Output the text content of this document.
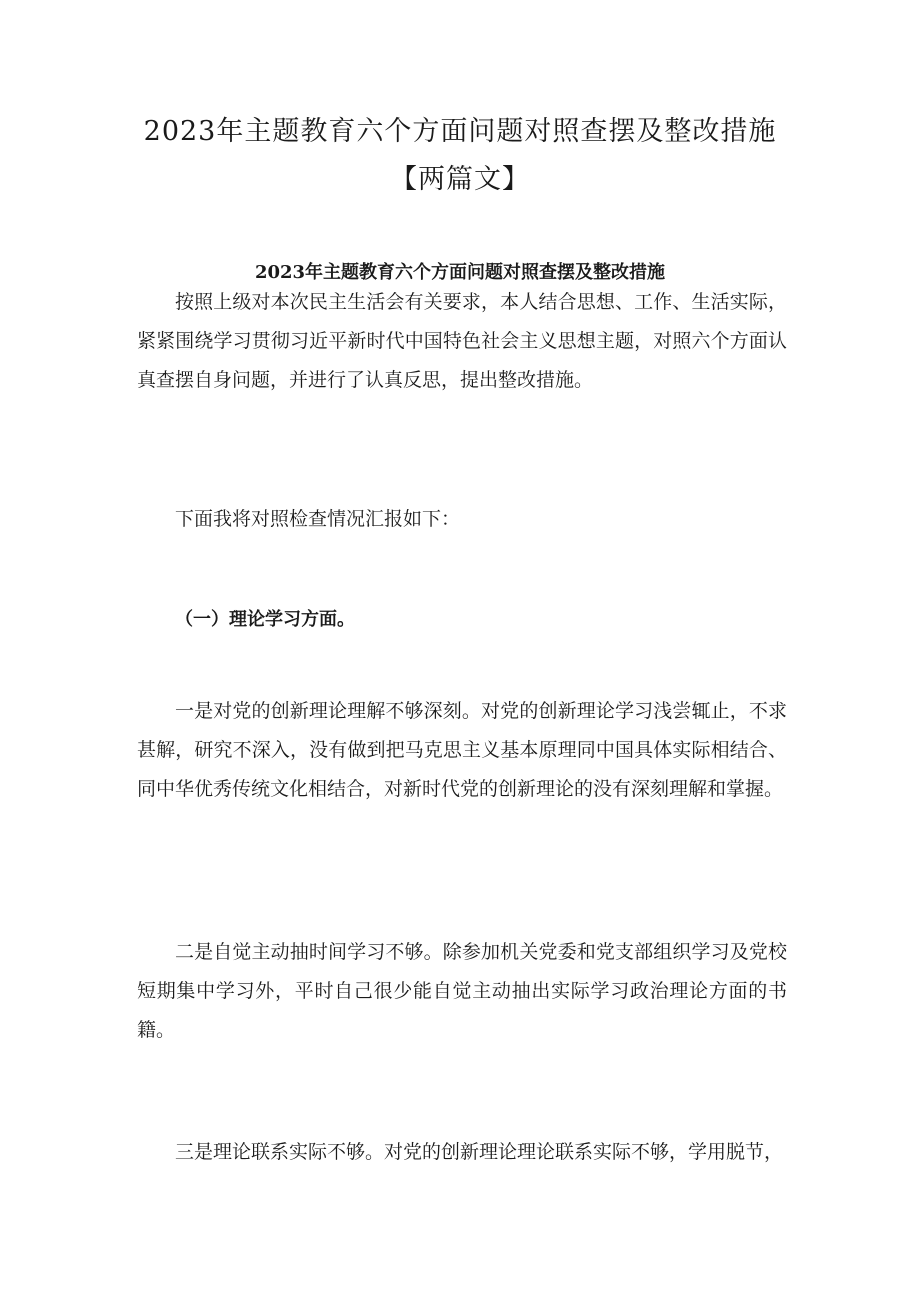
2023年主题教育六个方面问题对照查摆及整改措施
【两篇文】
2023年主题教育六个方面问题对照查摆及整改措施

按照上级对本次民主生活会有关要求，本人结合思想、工作、生活实际，紧紧围绕学习贯彻习近平新时代中国特色社会主义思想主题，对照六个方面认真查摆自身问题，并进行了认真反思，提出整改措施。

下面我将对照检查情况汇报如下：

（一）理论学习方面。

一是对党的创新理论理解不够深刻。对党的创新理论学习浅尝辄止，不求甚解，研究不深入，没有做到把马克思主义基本原理同中国具体实际相结合、同中华优秀传统文化相结合，对新时代党的创新理论的没有深刻理解和掌握。

二是自觉主动抽时间学习不够。除参加机关党委和党支部组织学习及党校短期集中学习外，平时自己很少能自觉主动抽出实际学习政治理论方面的书籍。

三是理论联系实际不够。对党的创新理论理论联系实际不够，学用脱节，
